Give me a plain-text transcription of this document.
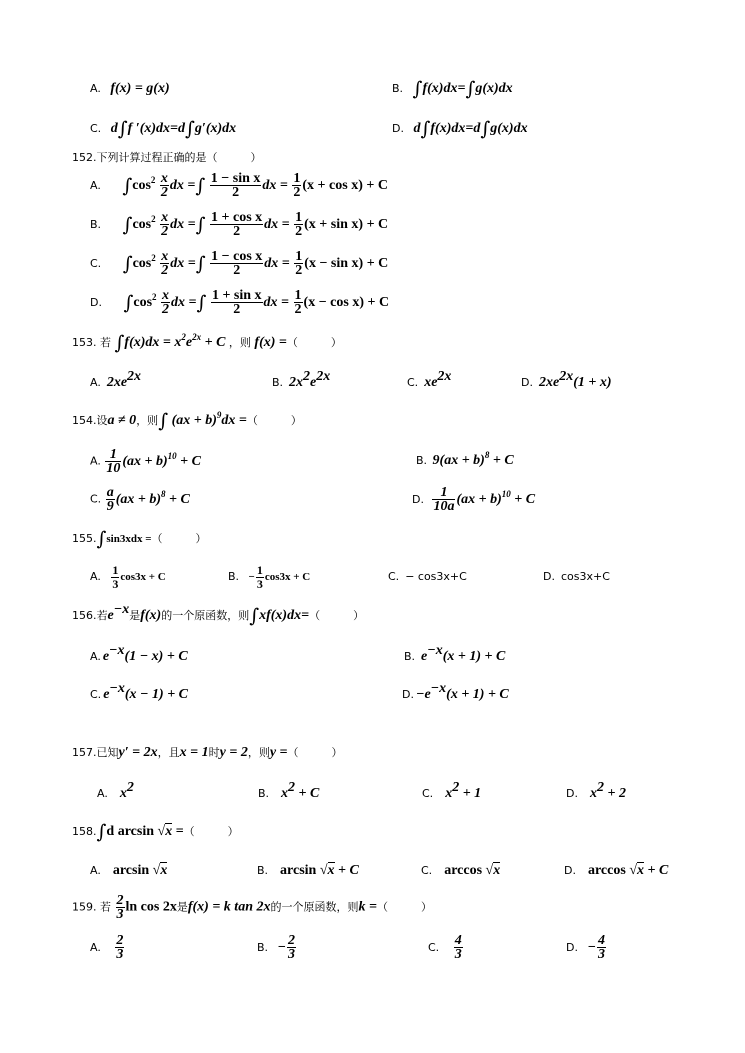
A. f(x) = g(x)	B. ∫f(x)dx=∫g(x)dx
C. d∫f ′(x)dx=d∫g′(x)dx	D. d∫f(x)dx=d∫g(x)dx
152.下列计算过程正确的是（　　　）
A. $\int\cos^2 \frac{x}{2}$ dx =∫ $\frac{\text{1 − sin x}}{2}$ dx = $\frac{1}{2} (x + \cos x) + C$
B. $\int\cos^2 \frac{x}{2}$ dx =∫ $\frac{\text{1 + cos x}}{2}$ dx = $\frac{1}{2} (x + \sin x) + C$
C. $\int\cos^2 \frac{x}{2}$ dx =∫ $\frac{\text{1 − cos x}}{2}$ dx = $\frac{1}{2} (x - \sin x) + C$
D. $\int\cos^2 \frac{x}{2}$ dx =∫ $\frac{\text{1 + sin x}}{2}$ dx = $\frac{1}{2} (x - \cos x) + C$
153. 若 $\int f(x)dx = x^2e^{2x} + C$ ，则 f(x) =（　　　）
A. $2xe^{2x}$	B. $2x^2e^{2x}$	C. $xe^{2x}$	D. $2xe^{2x}(1 + x)$
154.设a ≠ 0，则∫ (ax + b)$^9$dx =（　　　）
A. $\frac{1}{10} (ax + b)^{10} + C$	B. 9(ax + b)$^8$ + C
C. $\frac{a}{9} (ax + b)^8 + C$	D. $\frac{1}{10a} (ax + b)^{10} + C$
155.∫sin3xdx =（　　　）
A. $\frac{1}{3} \cos 3x + C$	B. − $\frac{1}{3} \cos 3x + C$	C. − cos3x+C	D. cos3x+C
156.若$e^{-x}$是f(x)的一个原函数，则∫xf(x)dx=（　　　）
A. $e^{-x}(1 - x) + C$	B. $e^{-x}(x + 1) + C$
C. $e^{-x}(x - 1) + C$	D. $-e^{-x}(x + 1) + C$
157.已知y′ = 2x，且x = 1时y = 2，则y =（　　　）
A. $x^2$	B. $x^2 + C$	C. $x^2 + 1$	D. $x^2 + 2$
158.∫d arcsin √x =（　　　）
A. arcsin √x	B. arcsin √x + C	C. arccos √x	D. arccos √x + C
159. 若 $\frac{2}{3}$ ln cos 2x是f(x) = k tan 2x的一个原函数，则k =（　　　）
A. $\frac{2}{3}$	B. − $\frac{2}{3}$	C. $\frac{4}{3}$	D. − $\frac{4}{3}$
